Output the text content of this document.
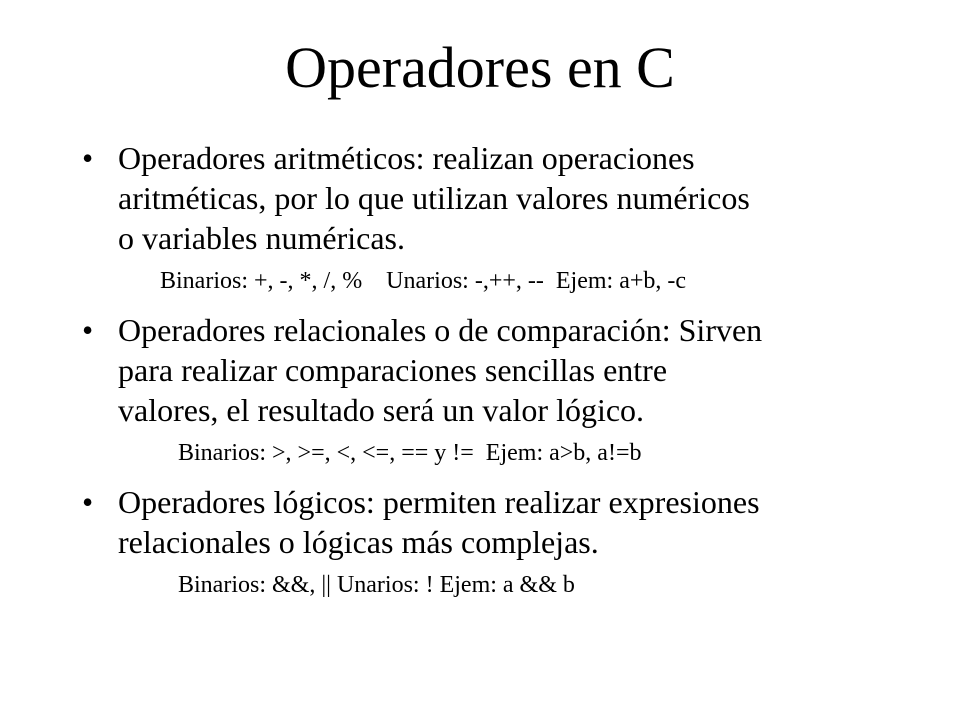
Operadores en C
• Operadores aritméticos: realizan operaciones
aritméticas, por lo que utilizan valores numéricos
o variables numéricas.
Binarios: +, -, *, /, %    Unarios: -,++, --  Ejem: a+b, -c
• Operadores relacionales o de comparación: Sirven
para realizar comparaciones sencillas entre
valores, el resultado será un valor lógico.
Binarios: >, >=, <, <=, == y !=  Ejem: a>b, a!=b
• Operadores lógicos: permiten realizar expresiones
relacionales o lógicas más complejas.
Binarios: &&, || Unarios: ! Ejem: a && b
